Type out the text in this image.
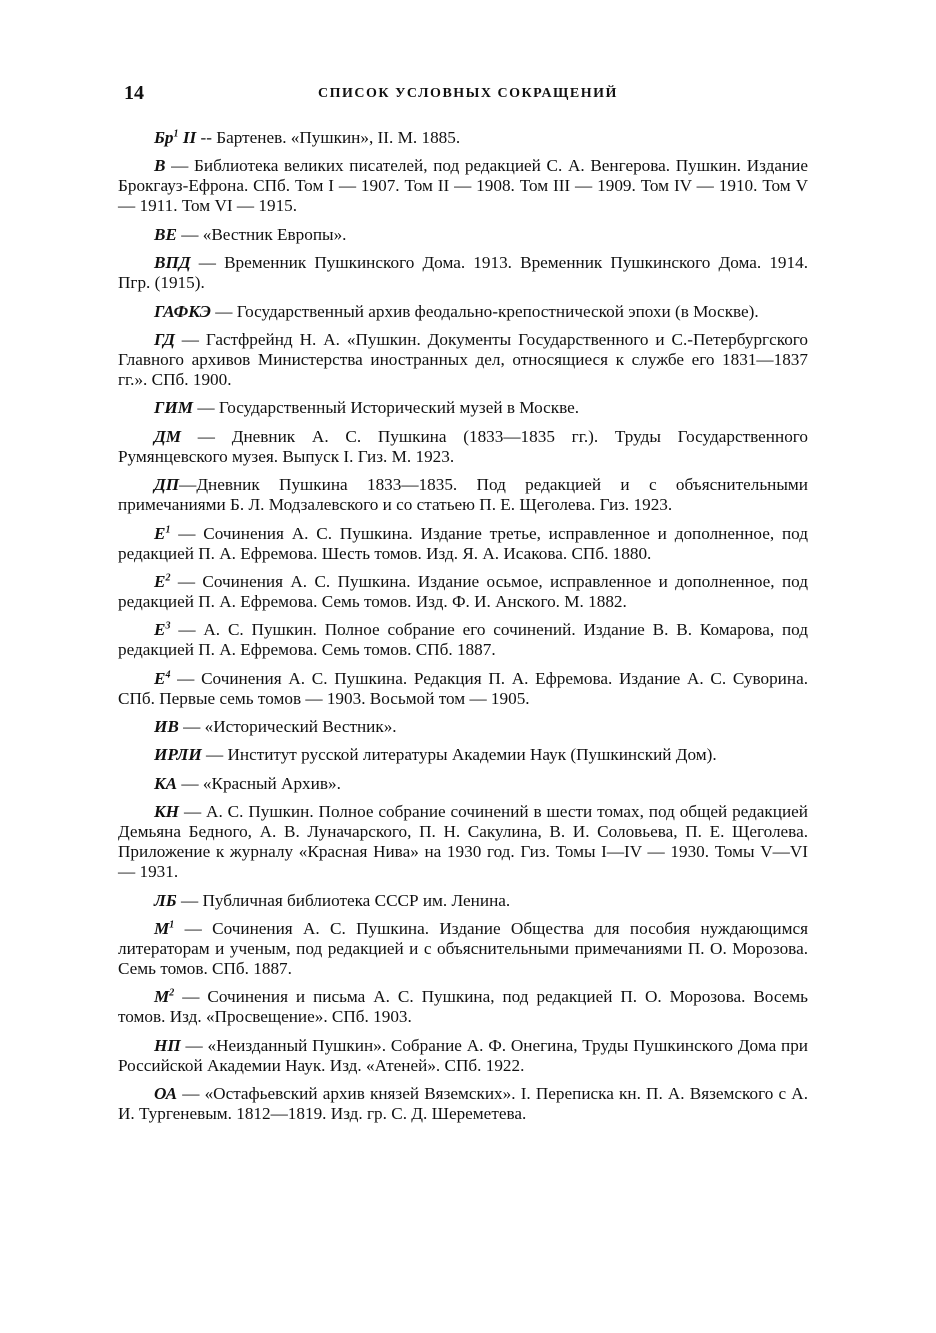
14	СПИСОК УСЛОВНЫХ СОКРАЩЕНИЙ

$Бр^1$ II -- Бартенев. «Пушкин», II. М. 1885.

В — Библиотека великих писателей, под редакцией С. А. Венгерова. Пушкин. Издание Брокгауз-Ефрона. СПб. Том I — 1907. Том II — 1908. Том III — 1909. Том IV — 1910. Том V — 1911. Том VI — 1915.

ВЕ — «Вестник Европы».

ВПД — Временник Пушкинского Дома. 1913. Временник Пушкинского Дома. 1914. Пгр. (1915).

ГАФКЭ — Государственный архив феодально-крепостнической эпохи (в Москве).

ГД — Гастфрейнд Н. А. «Пушкин. Документы Государственного и С.-Петербургского Главного архивов Министерства иностранных дел, относящиеся к службе его 1831—1837 гг.». СПб. 1900.

ГИМ — Государственный Исторический музей в Москве.

ДМ — Дневник А. С. Пушкина (1833—1835 гг.). Труды Государственного Румянцевского музея. Выпуск I. Гиз. М. 1923.

ДП—Дневник Пушкина 1833—1835. Под редакцией и с объяснительными примечаниями Б. Л. Модзалевского и со статьею П. Е. Щеголева. Гиз. 1923.

$Е^1$ — Сочинения А. С. Пушкина. Издание третье, исправленное и дополненное, под редакцией П. А. Ефремова. Шесть томов. Изд. Я. А. Исакова. СПб. 1880.

$Е^2$ — Сочинения А. С. Пушкина. Издание осьмое, исправленное и дополненное, под редакцией П. А. Ефремова. Семь томов. Изд. Ф. И. Анского. М. 1882.

$Е^3$ — А. С. Пушкин. Полное собрание его сочинений. Издание В. В. Комарова, под редакцией П. А. Ефремова. Семь томов. СПб. 1887.

$Е^4$ — Сочинения А. С. Пушкина. Редакция П. А. Ефремова. Издание А. С. Суворина. СПб. Первые семь томов — 1903. Восьмой том — 1905.

ИВ — «Исторический Вестник».

ИРЛИ — Институт русской литературы Академии Наук (Пушкинский Дом).

КА — «Красный Архив».

КН — А. С. Пушкин. Полное собрание сочинений в шести томах, под общей редакцией Демьяна Бедного, А. В. Луначарского, П. Н. Сакулина, В. И. Соловьева, П. Е. Щеголева. Приложение к журналу «Красная Нива» на 1930 год. Гиз. Томы I—IV — 1930. Томы V—VI — 1931.

ЛБ — Публичная библиотека СССР им. Ленина.

$М^1$ — Сочинения А. С. Пушкина. Издание Общества для пособия нуждающимся литераторам и ученым, под редакцией и с объяснительными примечаниями П. О. Морозова. Семь томов. СПб. 1887.

$М^2$ — Сочинения и письма А. С. Пушкина, под редакцией П. О. Морозова. Восемь томов. Изд. «Просвещение». СПб. 1903.

НП — «Неизданный Пушкин». Собрание А. Ф. Онегина, Труды Пушкинского Дома при Российской Академии Наук. Изд. «Атеней». СПб. 1922.

ОА — «Остафьевский архив князей Вяземских». I. Переписка кн. П. А. Вяземского с А. И. Тургеневым. 1812—1819. Изд. гр. С. Д. Шереметева.
